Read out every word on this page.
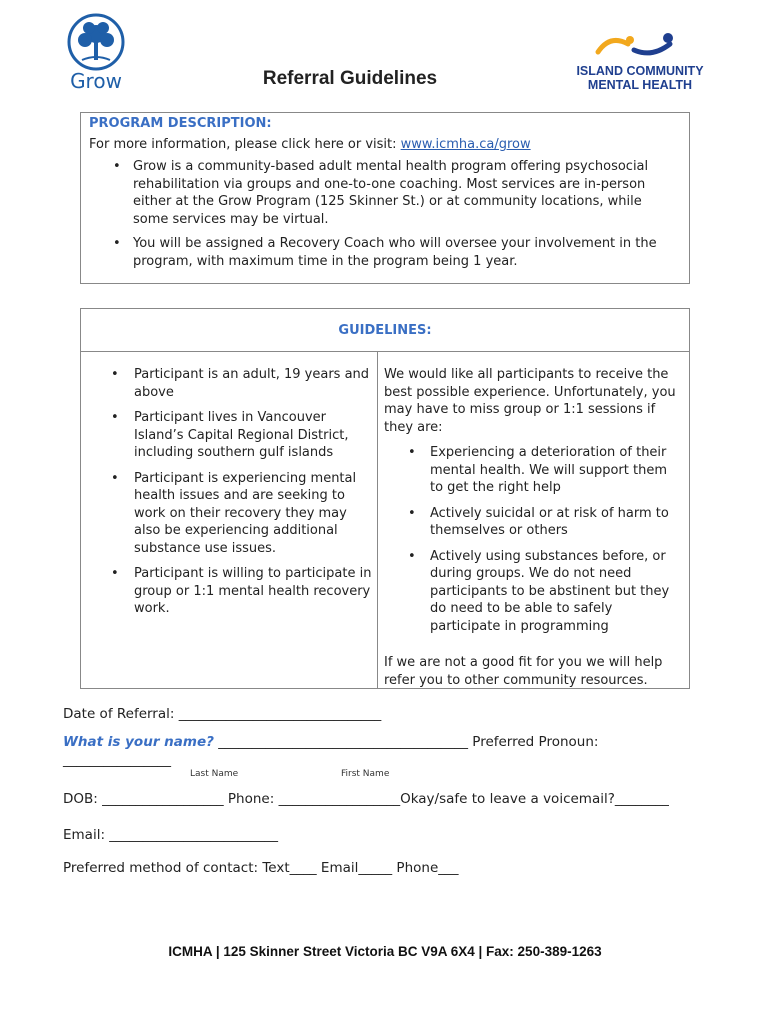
Grow	ISLAND COMMUNITY
MENTAL HEALTH
Referral Guidelines
PROGRAM DESCRIPTION:
For more information, please click here or visit: www.icmha.ca/grow
• Grow is a community-based adult mental health program offering psychosocial rehabilitation via groups and one-to-one coaching. Most services are in-person either at the Grow Program (125 Skinner St.) or at community locations, while some services may be virtual.
• You will be assigned a Recovery Coach who will oversee your involvement in the program, with maximum time in the program being 1 year.
GUIDELINES:
• Participant is an adult, 19 years and above
• Participant lives in Vancouver Island’s Capital Regional District, including southern gulf islands
• Participant is experiencing mental health issues and are seeking to work on their recovery they may also be experiencing additional substance use issues.
• Participant is willing to participate in group or 1:1 mental health recovery work.
We would like all participants to receive the best possible experience. Unfortunately, you may have to miss group or 1:1 sessions if they are:
• Experiencing a deterioration of their mental health. We will support them to get the right help
• Actively suicidal or at risk of harm to themselves or others
• Actively using substances before, or during groups. We do not need participants to be abstinent but they do need to be able to safely participate in programming
If we are not a good fit for you we will help refer you to other community resources.
Date of Referral: ______________________________
What is your name? _____________________________________ Preferred Pronoun:
________________
Last Name	First Name
DOB: __________________ Phone: __________________Okay/safe to leave a voicemail?________
Email: _________________________
Preferred method of contact: Text____ Email_____ Phone___
ICMHA | 125 Skinner Street Victoria BC V9A 6X4 | Fax: 250-389-1263
